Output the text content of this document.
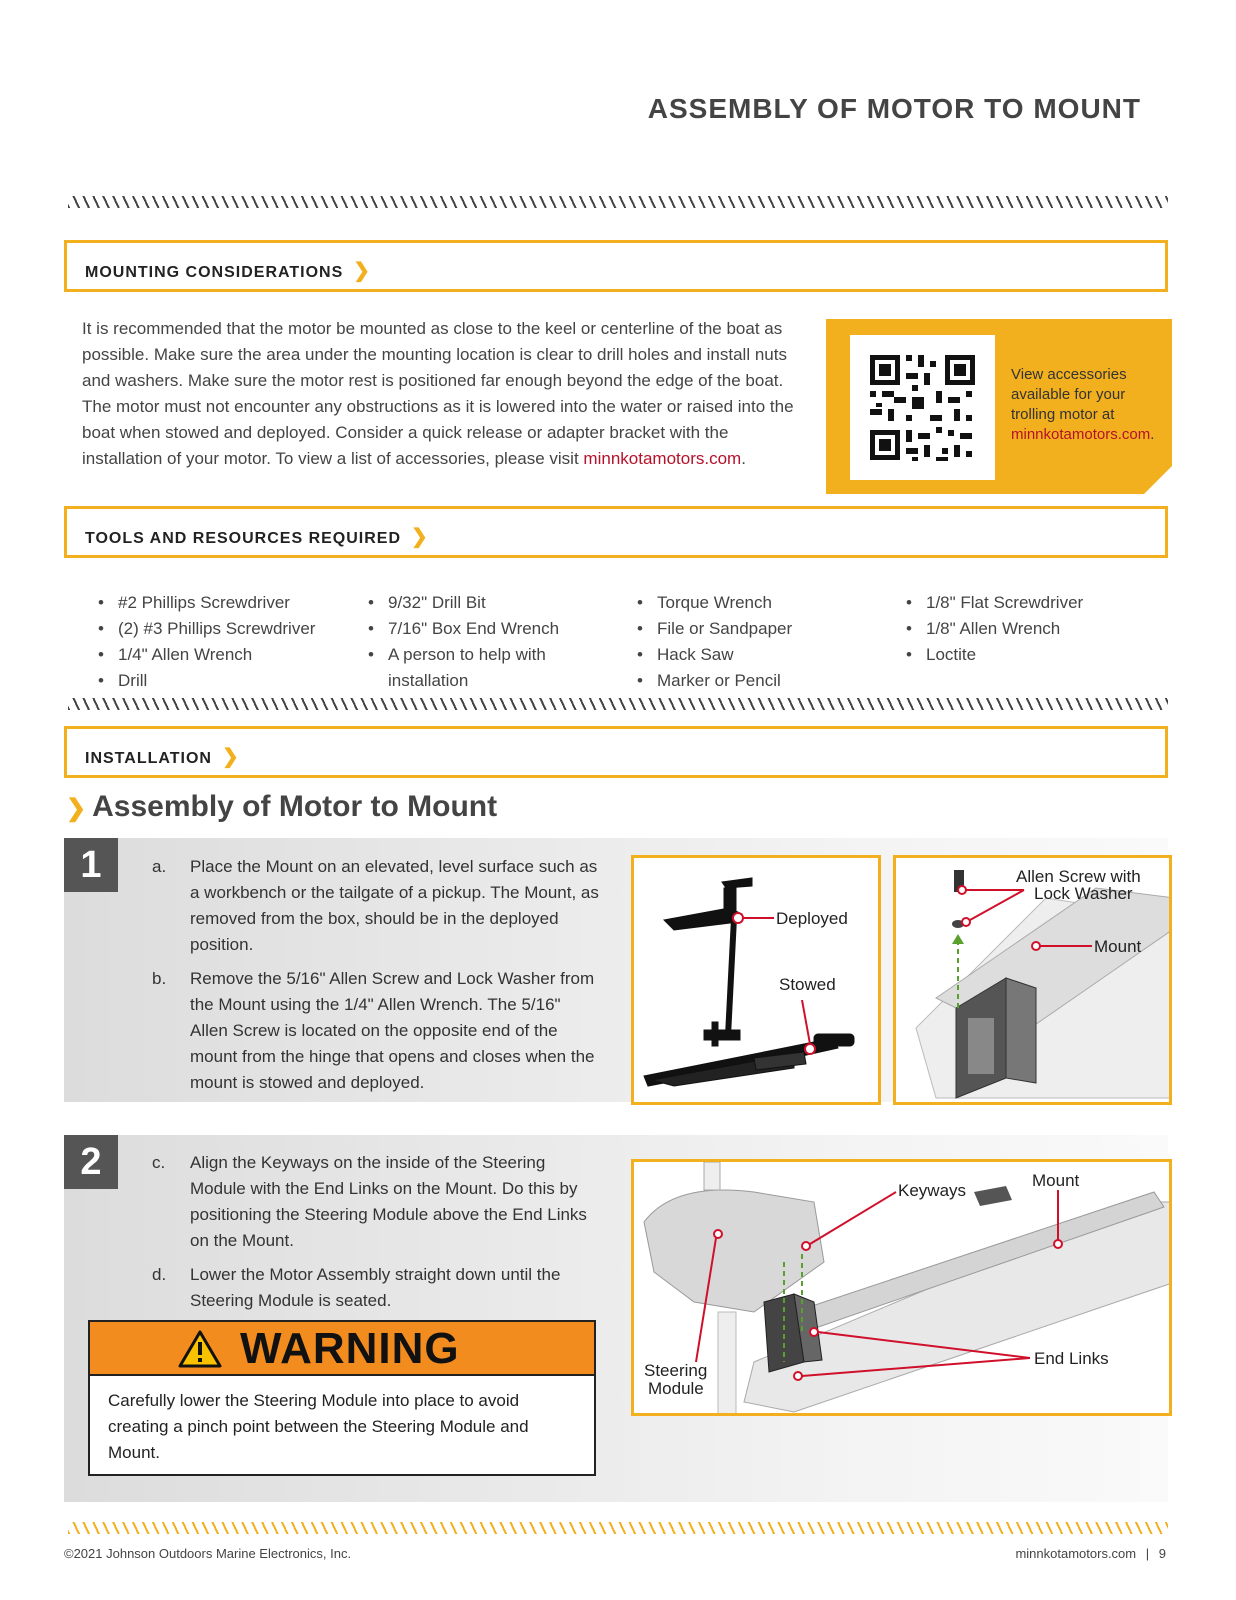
ASSEMBLY OF MOTOR TO MOUNT
MOUNTING CONSIDERATIONS ❯
It is recommended that the motor be mounted as close to the keel or centerline of the boat as possible. Make sure the area under the mounting location is clear to drill holes and install nuts and washers. Make sure the motor rest is positioned far enough beyond the edge of the boat. The motor must not encounter any obstructions as it is lowered into the water or raised into the boat when stowed and deployed. Consider a quick release or adapter bracket with the installation of your motor. To view a list of accessories, please visit minnkotamotors.com.
View accessories available for your trolling motor at minnkotamotors.com.
TOOLS AND RESOURCES REQUIRED ❯
• #2 Phillips Screwdriver
• (2) #3 Phillips Screwdriver
• 1/4" Allen Wrench
• Drill
• 9/32" Drill Bit
• 7/16" Box End Wrench
• A person to help with installation
• Torque Wrench
• File or Sandpaper
• Hack Saw
• Marker or Pencil
• 1/8" Flat Screwdriver
• 1/8" Allen Wrench
• Loctite
INSTALLATION ❯
❯ Assembly of Motor to Mount
1	a. Place the Mount on an elevated, level surface such as a workbench or the tailgate of a pickup. The Mount, as removed from the box, should be in the deployed position.
b. Remove the 5/16" Allen Screw and Lock Washer from the Mount using the 1/4" Allen Wrench. The 5/16" Allen Screw is located on the opposite end of the mount from the hinge that opens and closes when the mount is stowed and deployed.
Deployed
Stowed
Allen Screw with
Lock Washer
Mount
2	c. Align the Keyways on the inside of the Steering Module with the End Links on the Mount. Do this by positioning the Steering Module above the End Links on the Mount.
d. Lower the Motor Assembly straight down until the Steering Module is seated.
Keyways
Mount
End Links
Steering
Module
WARNING
Carefully lower the Steering Module into place to avoid creating a pinch point between the Steering Module and Mount.
©2021 Johnson Outdoors Marine Electronics, Inc.	minnkotamotors.com | 9
